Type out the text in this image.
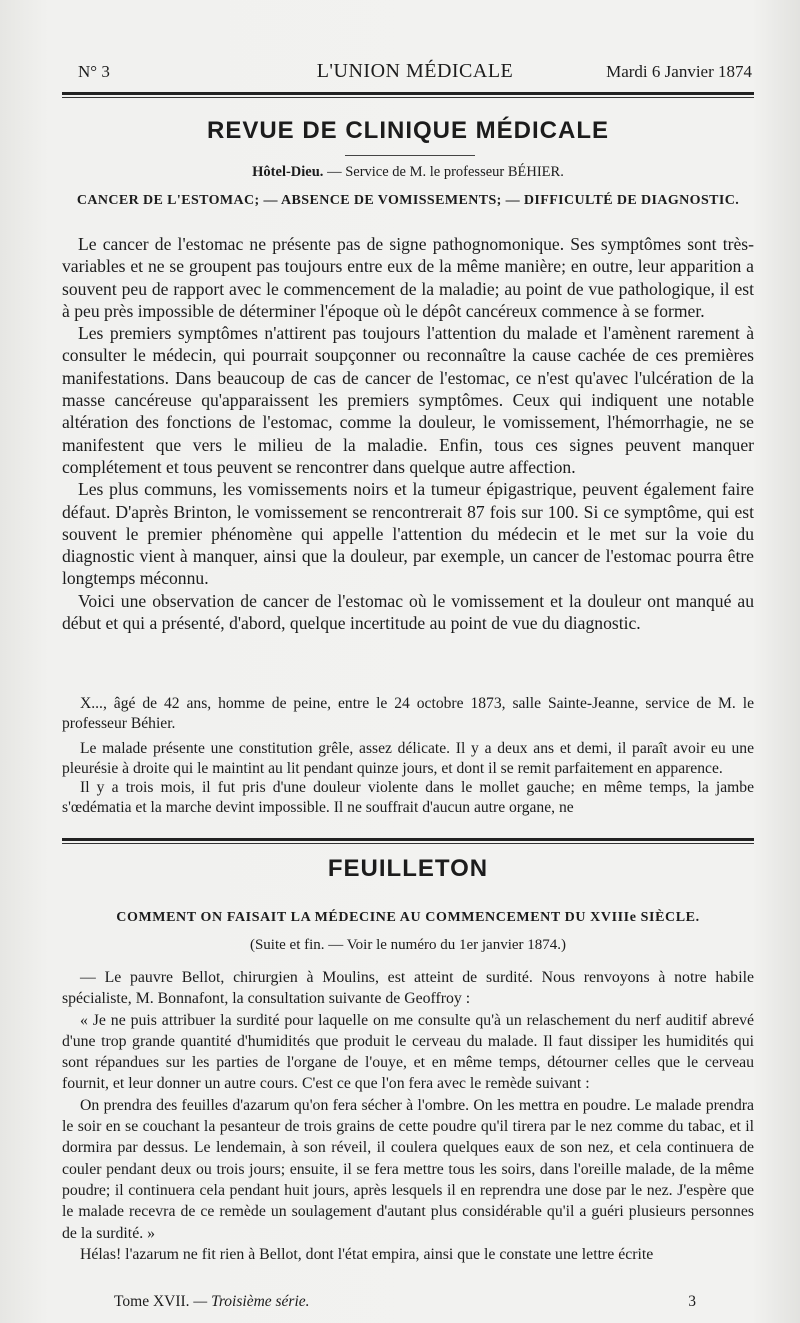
N° 3	L'UNION MÉDICALE	Mardi 6 Janvier 1874
REVUE DE CLINIQUE MÉDICALE
Hôtel-Dieu. — Service de M. le professeur BÉHIER.
CANCER DE L'ESTOMAC; — ABSENCE DE VOMISSEMENTS; — DIFFICULTÉ DE DIAGNOSTIC.

Le cancer de l'estomac ne présente pas de signe pathognomonique. Ses symptômes sont très-variables et ne se groupent pas toujours entre eux de la même manière; en outre, leur apparition a souvent peu de rapport avec le commencement de la maladie; au point de vue pathologique, il est à peu près impossible de déterminer l'époque où le dépôt cancéreux commence à se former.

Les premiers symptômes n'attirent pas toujours l'attention du malade et l'amènent rarement à consulter le médecin, qui pourrait soupçonner ou reconnaître la cause cachée de ces premières manifestations. Dans beaucoup de cas de cancer de l'estomac, ce n'est qu'avec l'ulcération de la masse cancéreuse qu'apparaissent les premiers symptômes. Ceux qui indiquent une notable altération des fonctions de l'estomac, comme la douleur, le vomissement, l'hémorrhagie, ne se manifestent que vers le milieu de la maladie. Enfin, tous ces signes peuvent manquer complétement et tous peuvent se rencontrer dans quelque autre affection.

Les plus communs, les vomissements noirs et la tumeur épigastrique, peuvent également faire défaut. D'après Brinton, le vomissement se rencontrerait 87 fois sur 100. Si ce symptôme, qui est souvent le premier phénomène qui appelle l'attention du médecin et le met sur la voie du diagnostic vient à manquer, ainsi que la douleur, par exemple, un cancer de l'estomac pourra être longtemps méconnu.

Voici une observation de cancer de l'estomac où le vomissement et la douleur ont manqué au début et qui a présenté, d'abord, quelque incertitude au point de vue du diagnostic.

X..., âgé de 42 ans, homme de peine, entre le 24 octobre 1873, salle Sainte-Jeanne, service de M. le professeur Béhier.

Le malade présente une constitution grêle, assez délicate. Il y a deux ans et demi, il paraît avoir eu une pleurésie à droite qui le maintint au lit pendant quinze jours, et dont il se remit parfaitement en apparence.

Il y a trois mois, il fut pris d'une douleur violente dans le mollet gauche; en même temps, la jambe s'œdématia et la marche devint impossible. Il ne souffrait d'aucun autre organe, ne

FEUILLETON
COMMENT ON FAISAIT LA MÉDECINE AU COMMENCEMENT DU XVIIIe SIÈCLE.
(Suite et fin. — Voir le numéro du 1er janvier 1874.)

— Le pauvre Bellot, chirurgien à Moulins, est atteint de surdité. Nous renvoyons à notre habile spécialiste, M. Bonnafont, la consultation suivante de Geoffroy :

« Je ne puis attribuer la surdité pour laquelle on me consulte qu'à un relaschement du nerf auditif abrevé d'une trop grande quantité d'humidités que produit le cerveau du malade. Il faut dissiper les humidités qui sont répandues sur les parties de l'organe de l'ouye, et en même temps, détourner celles que le cerveau fournit, et leur donner un autre cours. C'est ce que l'on fera avec le remède suivant :

On prendra des feuilles d'azarum qu'on fera sécher à l'ombre. On les mettra en poudre. Le malade prendra le soir en se couchant la pesanteur de trois grains de cette poudre qu'il tirera par le nez comme du tabac, et il dormira par dessus. Le lendemain, à son réveil, il coulera quelques eaux de son nez, et cela continuera de couler pendant deux ou trois jours; ensuite, il se fera mettre tous les soirs, dans l'oreille malade, de la même poudre; il continuera cela pendant huit jours, après lesquels il en reprendra une dose par le nez. J'espère que le malade recevra de ce remède un soulagement d'autant plus considérable qu'il a guéri plusieurs personnes de la surdité. »

Hélas! l'azarum ne fit rien à Bellot, dont l'état empira, ainsi que le constate une lettre écrite

Tome XVII. — Troisième série.	3
